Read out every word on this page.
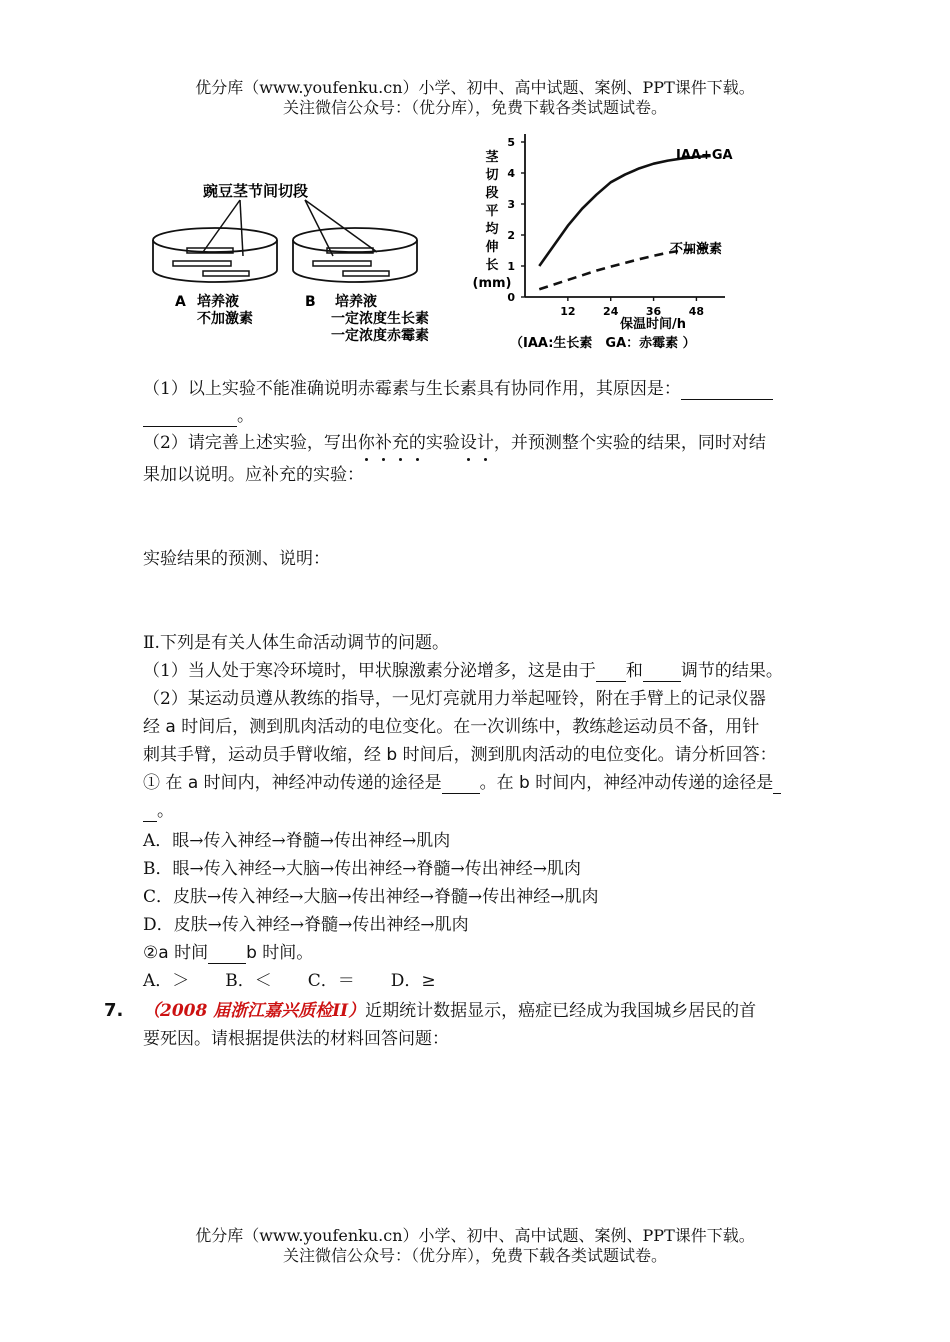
优分库（www.youfenku.cn）小学、初中、高中试题、案例、PPT课件下载。
关注微信公众号：（优分库），免费下载各类试题试卷。
豌豆茎节间切段
A 培养液
不加激素
B 培养液
一定浓度生长素
一定浓度赤霉素
茎
切
段
平
均
伸
长
(mm)
0
1
2
3
4
5
12	24	36	48
IAA+GA
不加激素
保温时间/h
（IAA:生长素　GA：赤霉素 ）
（1）以上实验不能准确说明赤霉素与生长素具有协同作用，其原因是：
。
（2）请完善上述实验，写出你补充的实验设计，并预测整个实验的结果，同时对结
果加以说明。应补充的实验：
实验结果的预测、说明：
Ⅱ.下列是有关人体生命活动调节的问题。
（1）当人处于寒冷环境时，甲状腺激素分泌增多，这是由于 和 调节的结果。
（2）某运动员遵从教练的指导，一见灯亮就用力举起哑铃，附在手臂上的记录仪器
经 a 时间后，测到肌肉活动的电位变化。在一次训练中，教练趁运动员不备，用针
刺其手臂，运动员手臂收缩，经 b 时间后，测到肌肉活动的电位变化。请分析回答：
① 在 a 时间内，神经冲动传递的途径是 。在 b 时间内，神经冲动传递的途径是
。
A．眼→传入神经→脊髓→传出神经→肌肉
B．眼→传入神经→大脑→传出神经→脊髓→传出神经→肌肉
C．皮肤→传入神经→大脑→传出神经→脊髓→传出神经→肌肉
D．皮肤→传入神经→脊髓→传出神经→肌肉
②a 时间 b 时间。
A．＞ B．＜ C．＝ D．≥
7. （2008 届浙江嘉兴质检II）近期统计数据显示，癌症已经成为我国城乡居民的首
要死因。请根据提供法的材料回答问题：
优分库（www.youfenku.cn）小学、初中、高中试题、案例、PPT课件下载。
关注微信公众号：（优分库），免费下载各类试题试卷。
